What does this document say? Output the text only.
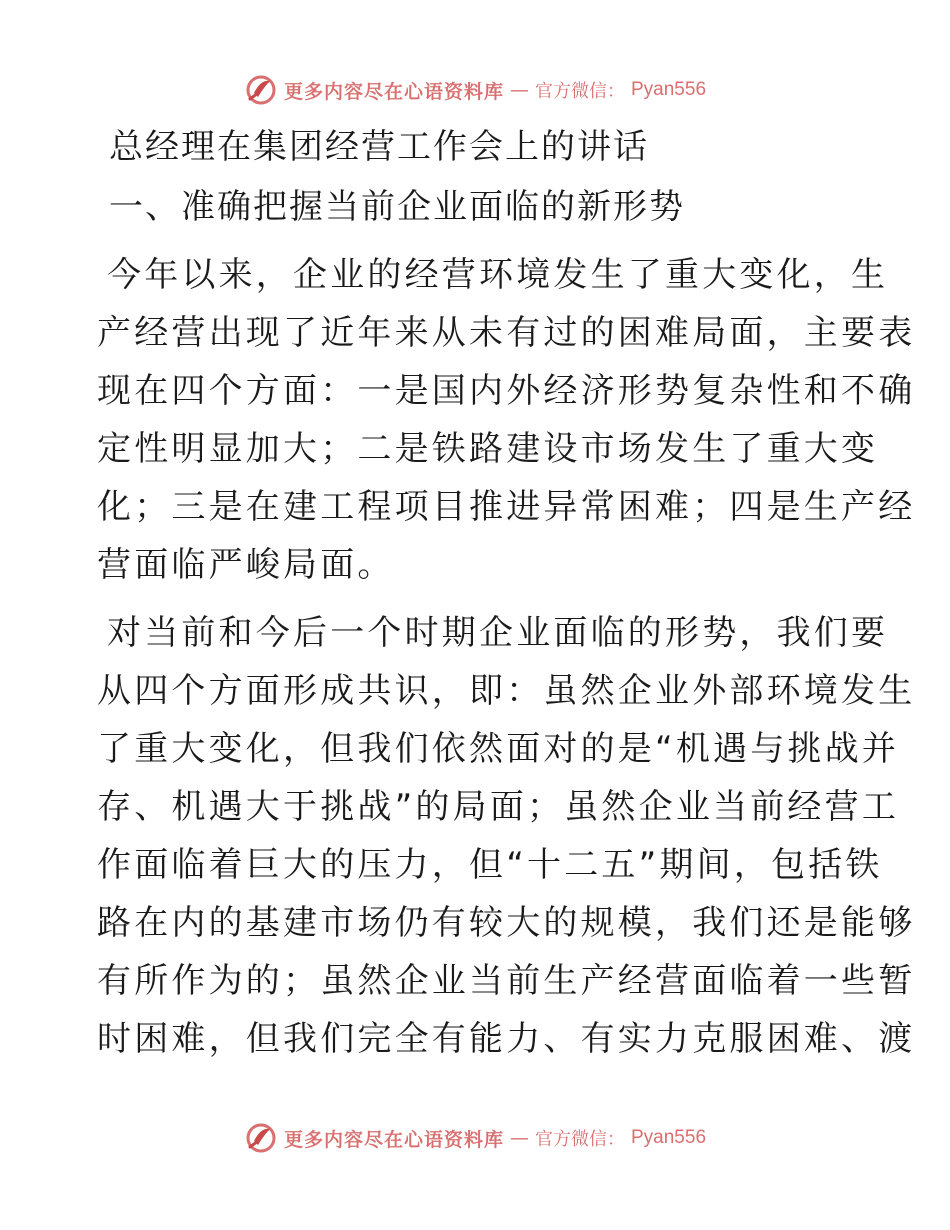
更多内容尽在心语资料库 — 官方微信： Pyan556

总经理在集团经营工作会上的讲话

一、准确把握当前企业面临的新形势

今年以来，企业的经营环境发生了重大变化，生

产经营出现了近年来从未有过的困难局面，主要表

现在四个方面：一是国内外经济形势复杂性和不确

定性明显加大；二是铁路建设市场发生了重大变

化；三是在建工程项目推进异常困难；四是生产经

营面临严峻局面。

对当前和今后一个时期企业面临的形势，我们要

从四个方面形成共识，即：虽然企业外部环境发生

了重大变化，但我们依然面对的是“机遇与挑战并

存、机遇大于挑战”的局面；虽然企业当前经营工

作面临着巨大的压力，但“十二五”期间，包括铁

路在内的基建市场仍有较大的规模，我们还是能够

有所作为的；虽然企业当前生产经营面临着一些暂

时困难，但我们完全有能力、有实力克服困难、渡

更多内容尽在心语资料库 — 官方微信： Pyan556
